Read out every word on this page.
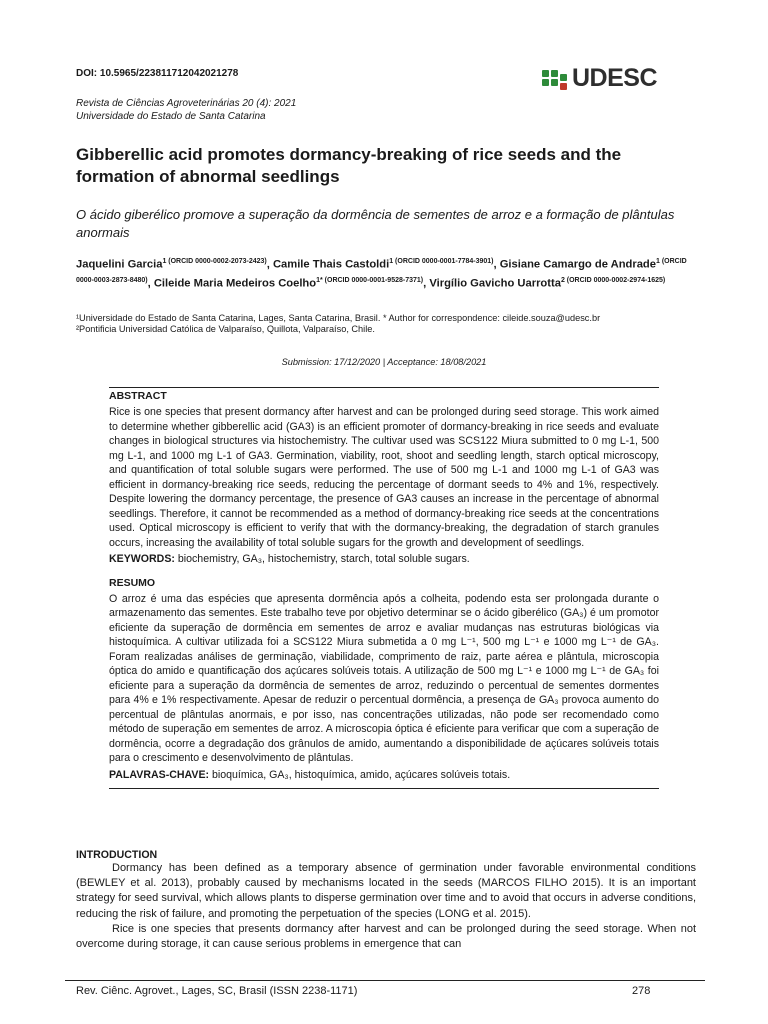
DOI: 10.5965/223811712042021278
Revista de Ciências Agroveterinárias 20 (4): 2021
Universidade do Estado de Santa Catarina
UDESC
Gibberellic acid promotes dormancy-breaking of rice seeds and the formation of abnormal seedlings
O ácido giberélico promove a superação da dormência de sementes de arroz e a formação de plântulas anormais
Jaquelini Garcia$^{1 (ORCID 0000-0002-2073-2423)}$, Camile Thais Castoldi$^{1 (ORCID 0000-0001-7784-3901)}$, Gisiane Camargo de Andrade$^{1 (ORCID 0000-0003-2873-8480)}$, Cileide Maria Medeiros Coelho$^{1* (ORCID 0000-0001-9528-7371)}$, Virgílio Gavicho Uarrotta$^{2 (ORCID 0000-0002-2974-1625)}$
¹Universidade do Estado de Santa Catarina, Lages, Santa Catarina, Brasil. * Author for correspondence: cileide.souza@udesc.br
²Pontificia Universidad Católica de Valparaíso, Quillota, Valparaíso, Chile.
Submission: 17/12/2020 | Acceptance: 18/08/2021
ABSTRACT
Rice is one species that present dormancy after harvest and can be prolonged during seed storage. This work aimed to determine whether gibberellic acid (GA3) is an efficient promoter of dormancy-breaking in rice seeds and evaluate changes in biological structures via histochemistry. The cultivar used was SCS122 Miura submitted to 0 mg L-1, 500 mg L-1, and 1000 mg L-1 of GA3. Germination, viability, root, shoot and seedling length, starch optical microscopy, and quantification of total soluble sugars were performed. The use of 500 mg L-1 and 1000 mg L-1 of GA3 was efficient in dormancy-breaking rice seeds, reducing the percentage of dormant seeds to 4% and 1%, respectively. Despite lowering the dormancy percentage, the presence of GA3 causes an increase in the percentage of abnormal seedlings. Therefore, it cannot be recommended as a method of dormancy-breaking rice seeds at the concentrations used. Optical microscopy is efficient to verify that with the dormancy-breaking, the degradation of starch granules occurs, increasing the availability of total soluble sugars for the growth and development of seedlings.
KEYWORDS: biochemistry, GA₃, histochemistry, starch, total soluble sugars.
RESUMO
O arroz é uma das espécies que apresenta dormência após a colheita, podendo esta ser prolongada durante o armazenamento das sementes. Este trabalho teve por objetivo determinar se o ácido giberélico (GA₃) é um promotor eficiente da superação de dormência em sementes de arroz e avaliar mudanças nas estruturas biológicas via histoquímica. A cultivar utilizada foi a SCS122 Miura submetida a 0 mg L⁻¹, 500 mg L⁻¹ e 1000 mg L⁻¹ de GA₃. Foram realizadas análises de germinação, viabilidade, comprimento de raiz, parte aérea e plântula, microscopia óptica do amido e quantificação dos açúcares solúveis totais. A utilização de 500 mg L⁻¹ e 1000 mg L⁻¹ de GA₃ foi eficiente para a superação da dormência de sementes de arroz, reduzindo o percentual de sementes dormentes para 4% e 1% respectivamente. Apesar de reduzir o percentual dormência, a presença de GA₃ provoca aumento do percentual de plântulas anormais, e por isso, nas concentrações utilizadas, não pode ser recomendado como método de superação em sementes de arroz. A microscopia óptica é eficiente para verificar que com a superação de dormência, ocorre a degradação dos grânulos de amido, aumentando a disponibilidade de açúcares solúveis totais para o crescimento e desenvolvimento de plântulas.
PALAVRAS-CHAVE: bioquímica, GA₃, histoquímica, amido, açúcares solúveis totais.
INTRODUCTION

Dormancy has been defined as a temporary absence of germination under favorable environmental conditions (BEWLEY et al. 2013), probably caused by mechanisms located in the seeds (MARCOS FILHO 2015). It is an important strategy for seed survival, which allows plants to disperse germination over time and to avoid that occurs in adverse conditions, reducing the risk of failure, and promoting the perpetuation of the species (LONG et al. 2015).

Rice is one species that presents dormancy after harvest and can be prolonged during the seed storage. When not overcome during storage, it can cause serious problems in emergence that can

Rev. Ciênc. Agrovet., Lages, SC, Brasil (ISSN 2238-1171)	278
